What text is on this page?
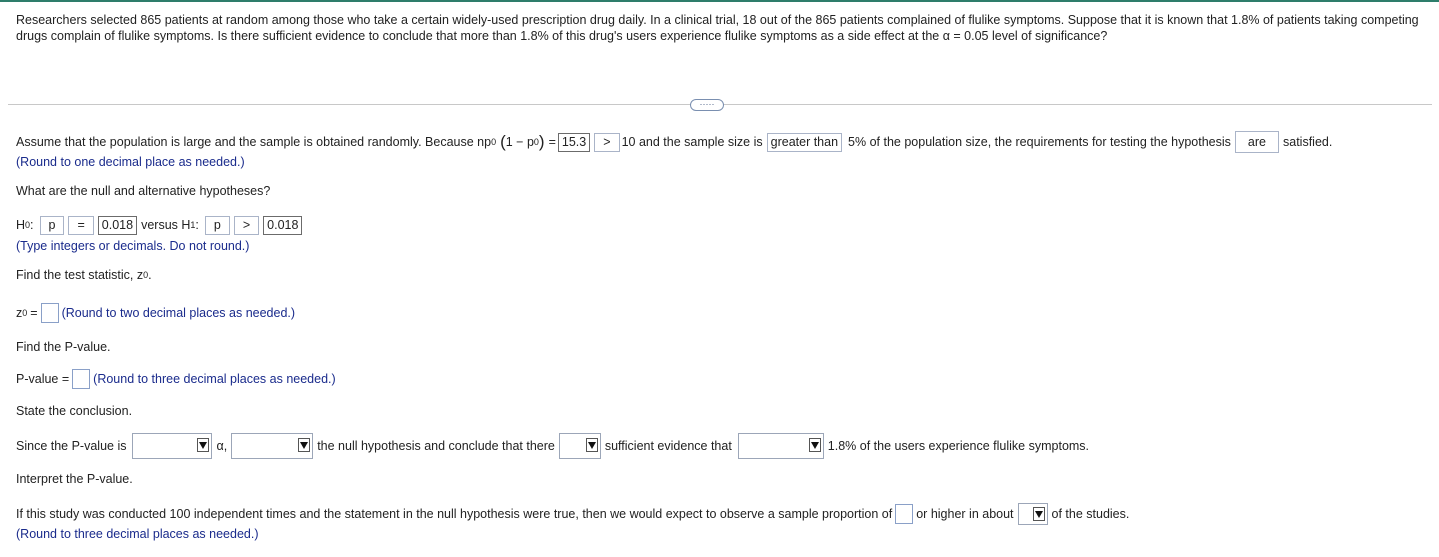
Researchers selected 865 patients at random among those who take a certain widely-used prescription drug daily. In a clinical trial, 18 out of the 865 patients complained of flulike symptoms. Suppose that it is known that 1.8% of patients taking competing drugs complain of flulike symptoms. Is there sufficient evidence to conclude that more than 1.8% of this drug's users experience flulike symptoms as a side effect at the α = 0.05 level of significance?
·····
Assume that the population is large and the sample is obtained randomly. Because np 0 ( 1 − p 0 ) = 15.3	> 10 and the sample size is greater than 5% of the population size, the requirements for testing the hypothesis	are	satisfied.
(Round to one decimal place as needed.)
What are the null and alternative hypotheses?
H 0 :	p	=	0.018 versus H 1 :	p	>	0.018
(Type integers or decimals. Do not round.)
Find the test statistic, z 0 .
z 0 = (Round to two decimal places as needed.)
Find the P-value.
P-value = (Round to three decimal places as needed.)
State the conclusion.
Since the P-value is	α,	the null hypothesis and conclude that there	sufficient evidence that	1.8% of the users experience flulike symptoms.
Interpret the P-value.
If this study was conducted 100 independent times and the statement in the null hypothesis were true, then we would expect to observe a sample proportion of or higher in about	of the studies.
(Round to three decimal places as needed.)
